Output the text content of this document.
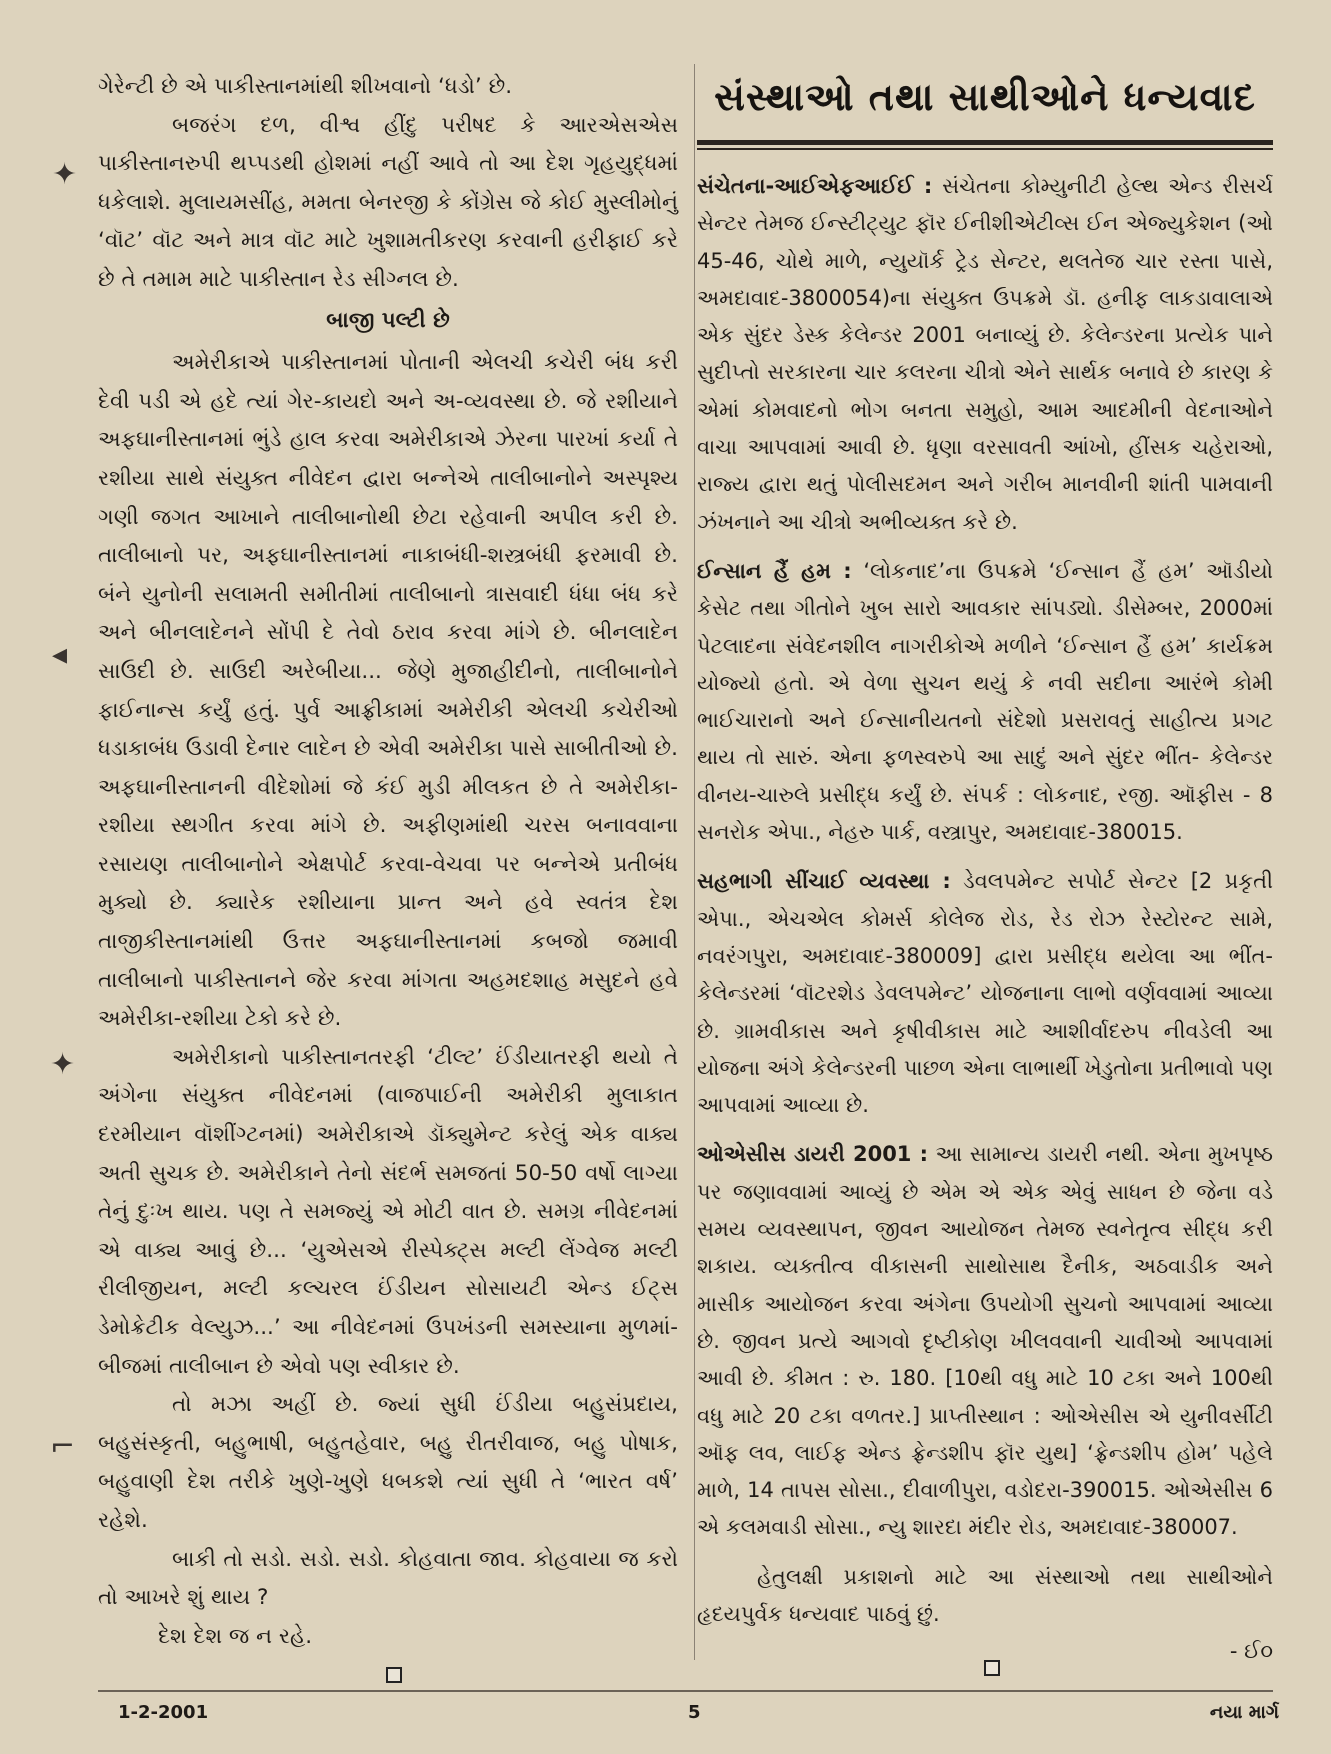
ગેરેન્ટી છે એ પાકીસ્તાનમાંથી શીખવાનો ‘ધડો’ છે.

બજરંગ દળ, વીશ્વ હીંદુ પરીષદ કે આરએસએસ પાકીસ્તાનરુપી થપ્પડથી હોશમાં નહીં આવે તો આ દેશ ગૃહયુદ્ધમાં ધકેલાશે. મુલાયમસીંહ, મમતા બેનરજી કે કોંગ્રેસ જે કોઈ મુસ્લીમોનું ‘વૉટ’ વૉટ અને માત્ર વૉટ માટે ખુશામતીકરણ કરવાની હરીફાઈ કરે છે તે તમામ માટે પાકીસ્તાન રેડ સીગ્નલ છે.

બાજી પલ્ટી છે

અમેરીકાએ પાકીસ્તાનમાં પોતાની એલચી કચેરી બંધ કરી દેવી પડી એ હદે ત્યાં ગેર-કાયદો અને અ-વ્યવસ્થા છે. જે રશીયાને અફઘાનીસ્તાનમાં ભુંડે હાલ કરવા અમેરીકાએ ઝેરના પારખાં કર્યા તે રશીયા સાથે સંયુક્ત નીવેદન દ્વારા બન્નેએ તાલીબાનોને અસ્પૃશ્ય ગણી જગત આખાને તાલીબાનોથી છેટા રહેવાની અપીલ કરી છે. તાલીબાનો પર, અફઘાનીસ્તાનમાં નાકાબંધી-શસ્ત્રબંધી ફરમાવી છે. બંને યુનોની સલામતી સમીતીમાં તાલીબાનો ત્રાસવાદી ધંધા બંધ કરે અને બીનલાદેનને સોંપી દે તેવો ઠરાવ કરવા માંગે છે. બીનલાદેન સાઉદી છે. સાઉદી અરેબીયા... જેણે મુજાહીદીનો, તાલીબાનોને ફાઈનાન્સ કર્યું હતું. પુર્વ આફ્રીકામાં અમેરીકી એલચી કચેરીઓ ધડાકાબંધ ઉડાવી દેનાર લાદેન છે એવી અમેરીકા પાસે સાબીતીઓ છે. અફઘાનીસ્તાનની વીદેશોમાં જે કંઈ મુડી મીલકત છે તે અમેરીકા-રશીયા સ્થગીત કરવા માંગે છે. અફીણમાંથી ચરસ બનાવવાના રસાયણ તાલીબાનોને એક્ષપોર્ટ કરવા-વેચવા પર બન્નેએ પ્રતીબંધ મુક્યો છે. ક્યારેક રશીયાના પ્રાન્ત અને હવે સ્વતંત્ર દેશ તાજીકીસ્તાનમાંથી ઉત્તર અફઘાનીસ્તાનમાં કબજો જમાવી તાલીબાનો પાકીસ્તાનને જેર કરવા માંગતા અહમદશાહ મસુદને હવે અમેરીકા-રશીયા ટેકો કરે છે.

અમેરીકાનો પાકીસ્તાનતરફી ‘ટીલ્ટ’ ઈંડીયાતરફી થયો તે અંગેના સંયુક્ત નીવેદનમાં (વાજપાઈની અમેરીકી મુલાકાત દરમીયાન વૉશીંગ્ટનમાં) અમેરીકાએ ડૉક્યુમેન્ટ કરેલું એક વાક્ય અતી સુચક છે. અમેરીકાને તેનો સંદર્ભ સમજતાં 50-50 વર્ષો લાગ્યા તેનું દુઃખ થાય. પણ તે સમજ્યું એ મોટી વાત છે. સમગ્ર નીવેદનમાં એ વાક્ય આવું છે... ‘યુએસએ રીસ્પેક્ટ્સ મલ્ટી લેંગ્વેજ મલ્ટી રીલીજીયન, મલ્ટી કલ્ચરલ ઈંડીયન સોસાયટી એન્ડ ઈટ્સ ડેમોક્રેટીક વેલ્યુઝ...’ આ નીવેદનમાં ઉપખંડની સમસ્યાના મુળમાં-બીજમાં તાલીબાન છે એવો પણ સ્વીકાર છે.

તો મઝા અહીં છે. જ્યાં સુધી ઈંડીયા બહુસંપ્રદાય, બહુસંસ્કૃતી, બહુભાષી, બહુતહેવાર, બહુ રીતરીવાજ, બહુ પોષાક, બહુવાણી દેશ તરીકે ખુણે-ખુણે ધબકશે ત્યાં સુધી તે ‘ભારત વર્ષ’ રહેશે.

બાકી તો સડો. સડો. સડો. કોહવાતા જાવ. કોહવાયા જ કરો તો આખરે શું થાય ?

દેશ દેશ જ ન રહે.

સંસ્થાઓ તથા સાથીઓને ધન્યવાદ

સંચેતના-આઈએફઆઈઈ : સંચેતના કોમ્યુનીટી હેલ્થ એન્ડ રીસર્ચ સેન્ટર તેમજ ઈન્સ્ટીટ્યુટ ફૉર ઈનીશીએટીવ્સ ઈન એજ્યુકેશન (ઓ 45-46, ચોથે માળે, ન્યુયૉર્ક ટ્રેડ સેન્ટર, થલતેજ ચાર રસ્તા પાસે, અમદાવાદ-3800054)ના સંયુક્ત ઉપક્રમે ડૉ. હનીફ લાકડાવાલાએ એક સુંદર ડેસ્ક કેલેન્ડર 2001 બનાવ્યું છે. કેલેન્ડરના પ્રત્યેક પાને સુદીપ્તો સરકારના ચાર કલરના ચીત્રો એને સાર્થક બનાવે છે કારણ કે એમાં કોમવાદનો ભોગ બનતા સમુહો, આમ આદમીની વેદનાઓને વાચા આપવામાં આવી છે. ધૃણા વરસાવતી આંખો, હીંસક ચહેરાઓ, રાજ્ય દ્વારા થતું પોલીસદમન અને ગરીબ માનવીની શાંતી પામવાની ઝંખનાને આ ચીત્રો અભીવ્યક્ત કરે છે.

ઈન્સાન હૈં હમ : ‘લોકનાદ’ના ઉપક્રમે ‘ઈન્સાન હૈં હમ’ ઑડીયો કેસેટ તથા ગીતોને ખુબ સારો આવકાર સાંપડ્યો. ડીસેમ્બર, 2000માં પેટલાદના સંવેદનશીલ નાગરીકોએ મળીને ‘ઈન્સાન હૈં હમ’ કાર્યક્રમ યોજ્યો હતો. એ વેળા સુચન થયું કે નવી સદીના આરંભે કોમી ભાઈચારાનો અને ઈન્સાનીયતનો સંદેશો પ્રસરાવતું સાહીત્ય પ્રગટ થાય તો સારું. એના ફળસ્વરુપે આ સાદું અને સુંદર ભીંત- કેલેન્ડર વીનય-ચારુલે પ્રસીદ્ધ કર્યું છે. સંપર્ક : લોકનાદ, રજી. ઑફીસ - 8 સનરોક એપા., નેહરુ પાર્ક, વસ્ત્રાપુર, અમદાવાદ-380015.

સહભાગી સીંચાઈ વ્યવસ્થા : ડેવલપમેન્ટ સપોર્ટ સેન્ટર [2 પ્રકૃતી એપા., એચએલ કોમર્સ કોલેજ રોડ, રેડ રોઝ રેસ્ટોરન્ટ સામે, નવરંગપુરા, અમદાવાદ-380009] દ્વારા પ્રસીદ્ધ થયેલા આ ભીંત-કેલેન્ડરમાં ‘વૉટરશેડ ડેવલપમેન્ટ’ યોજનાના લાભો વર્ણવવામાં આવ્યા છે. ગ્રામવીકાસ અને કૃષીવીકાસ માટે આશીર્વાદરુપ નીવડેલી આ યોજના અંગે કેલેન્ડરની પાછળ એના લાભાર્થી ખેડુતોના પ્રતીભાવો પણ આપવામાં આવ્યા છે.

ઓએસીસ ડાયરી 2001 : આ સામાન્ય ડાયરી નથી. એના મુખપૃષ્ઠ પર જણાવવામાં આવ્યું છે એમ એ એક એવું સાધન છે જેના વડે સમય વ્યવસ્થાપન, જીવન આયોજન તેમજ સ્વનેતૃત્વ સીદ્ધ કરી શકાય. વ્યક્તીત્વ વીકાસની સાથોસાથ દૈનીક, અઠવાડીક અને માસીક આયોજન કરવા અંગેના ઉપયોગી સુચનો આપવામાં આવ્યા છે. જીવન પ્રત્યે આગવો દૃષ્ટીકોણ ખીલવવાની ચાવીઓ આપવામાં આવી છે. કીમત : રુ. 180. [10થી વધુ માટે 10 ટકા અને 100થી વધુ માટે 20 ટકા વળતર.] પ્રાપ્તીસ્થાન : ઓએસીસ એ યુનીવર્સીટી ઑફ લવ, લાઈફ એન્ડ ફ્રેન્ડશીપ ફૉર યુથ] ‘ફ્રેન્ડશીપ હોમ’ પહેલે માળે, 14 તાપસ સોસા., દીવાળીપુરા, વડોદરા-390015. ઓએસીસ 6 એ કલમવાડી સોસા., ન્યુ શારદા મંદીર રોડ, અમદાવાદ-380007.

હેતુલક્ષી પ્રકાશનો માટે આ સંસ્થાઓ તથા સાથીઓને હૃદયપુર્વક ધન્યવાદ પાઠવું છું.

- ઈ૦
✦
◂
✦
⌐
1-2-2001	5	નયા માર્ગ
